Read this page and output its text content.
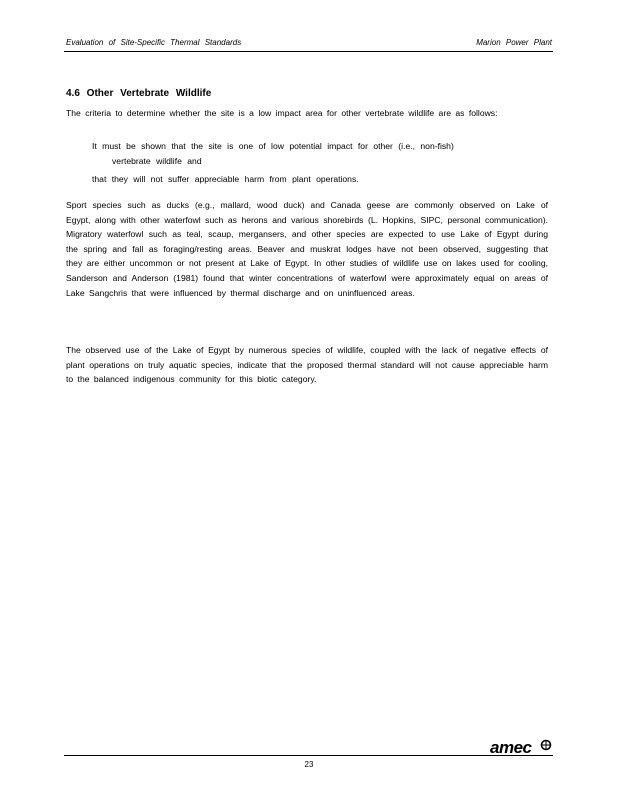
Evaluation of Site-Specific Thermal Standards	Marion Power Plant
4.6 Other Vertebrate Wildlife
The criteria to determine whether the site is a low impact area for other vertebrate wildlife are as follows:
It must be shown that the site is one of low potential impact for other (i.e., non-fish)
vertebrate wildlife and
that they will not suffer appreciable harm from plant operations.
Sport species such as ducks (e.g., mallard, wood duck) and Canada geese are commonly observed on Lake of Egypt, along with other waterfowl such as herons and various shorebirds (L. Hopkins, SIPC, personal communication). Migratory waterfowl such as teal, scaup, mergansers, and other species are expected to use Lake of Egypt during the spring and fall as foraging/resting areas. Beaver and muskrat lodges have not been observed, suggesting that they are either uncommon or not present at Lake of Egypt. In other studies of wildlife use on lakes used for cooling, Sanderson and Anderson (1981) found that winter concentrations of waterfowl were approximately equal on areas of Lake Sangchris that were influenced by thermal discharge and on uninfluenced areas.
The observed use of the Lake of Egypt by numerous species of wildlife, coupled with the lack of negative effects of plant operations on truly aquatic species, indicate that the proposed thermal standard will not cause appreciable harm to the balanced indigenous community for this biotic category.
23
amec
